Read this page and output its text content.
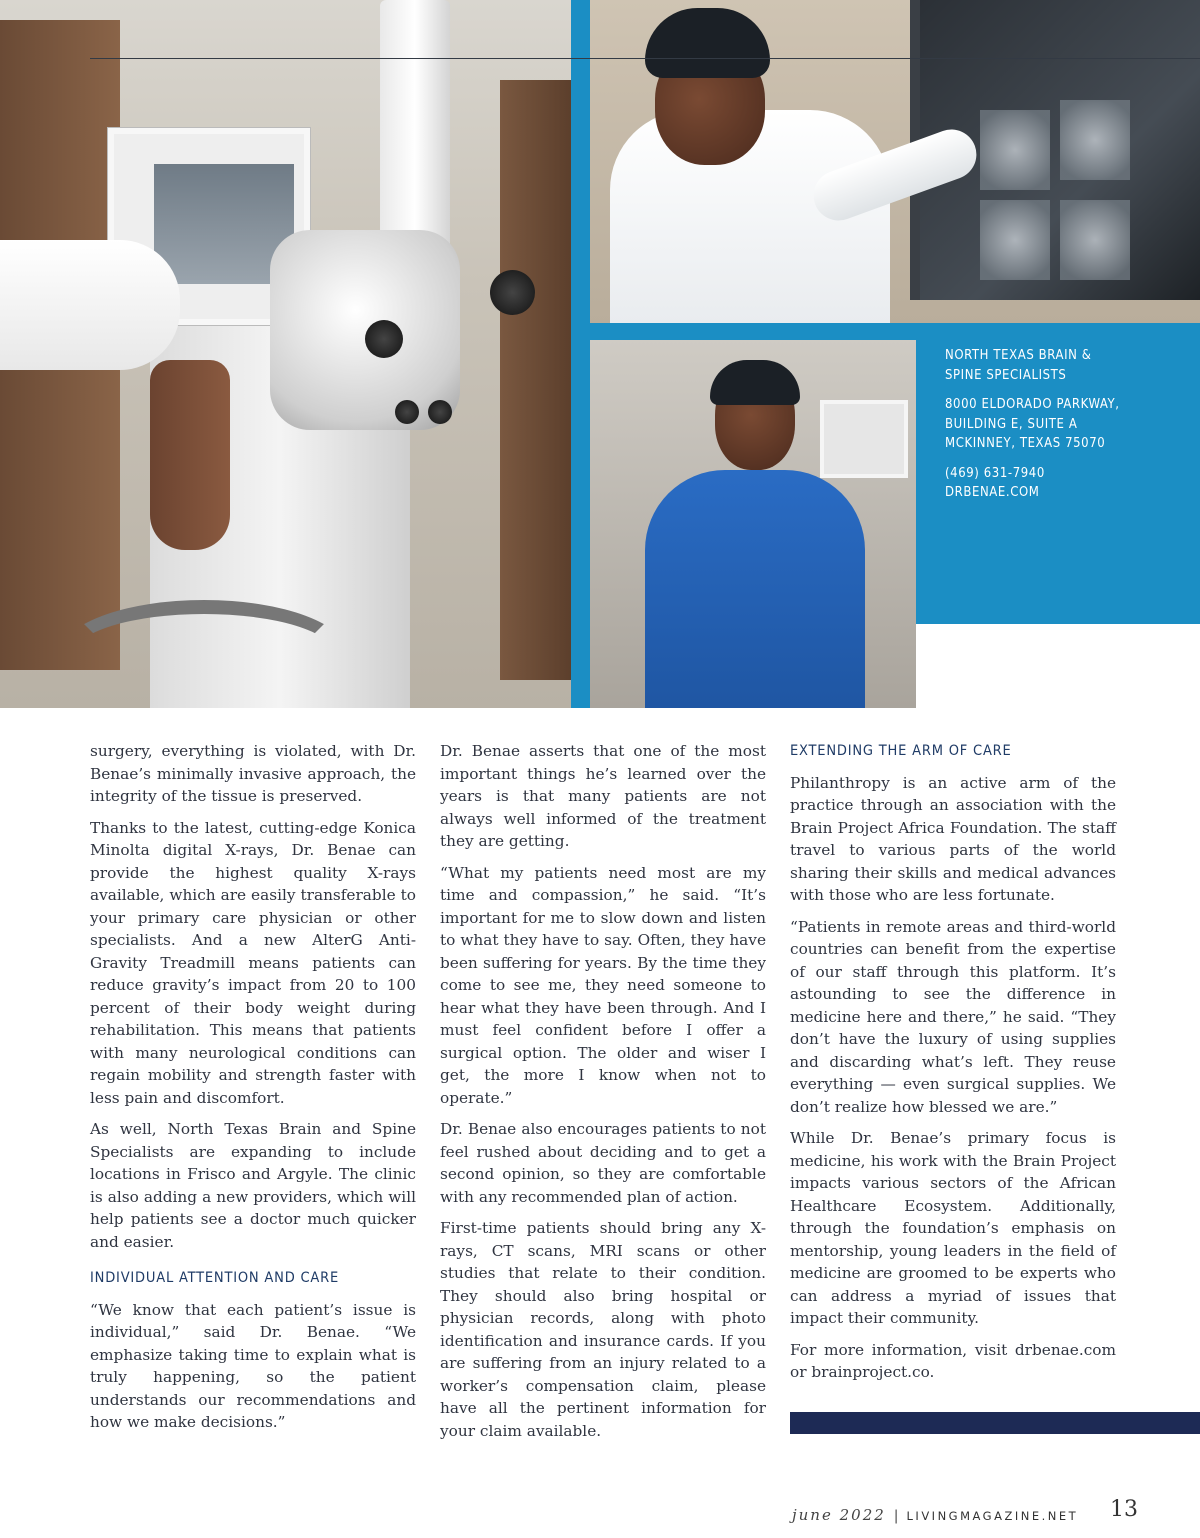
NORTH TEXAS BRAIN &
SPINE SPECIALISTS

8000 ELDORADO PARKWAY,
BUILDING E, SUITE A
MCKINNEY, TEXAS 75070

(469) 631-7940
DRBENAE.COM

surgery, everything is violated, with Dr. Benae’s minimally invasive approach, the integrity of the tissue is preserved.

Thanks to the latest, cutting-edge Konica Minolta digital X-rays, Dr. Benae can provide the highest quality X-rays available, which are easily transferable to your primary care physician or other specialists. And a new AlterG Anti-Gravity Treadmill means patients can reduce gravity’s impact from 20 to 100 percent of their body weight during rehabilitation. This means that patients with many neurological conditions can regain mobility and strength faster with less pain and discomfort.

As well, North Texas Brain and Spine Specialists are expanding to include locations in Frisco and Argyle. The clinic is also adding a new providers, which will help patients see a doctor much quicker and easier.

INDIVIDUAL ATTENTION AND CARE

“We know that each patient’s issue is individual,” said Dr. Benae. “We emphasize taking time to explain what is truly happening, so the patient understands our recommendations and how we make decisions.”

Dr. Benae asserts that one of the most important things he’s learned over the years is that many patients are not always well informed of the treatment they are getting.

“What my patients need most are my time and compassion,” he said. “It’s important for me to slow down and listen to what they have to say. Often, they have been suffering for years. By the time they come to see me, they need someone to hear what they have been through. And I must feel confident before I offer a surgical option. The older and wiser I get, the more I know when not to operate.”

Dr. Benae also encourages patients to not feel rushed about deciding and to get a second opinion, so they are comfortable with any recommended plan of action.

First-time patients should bring any X-rays, CT scans, MRI scans or other studies that relate to their condition. They should also bring hospital or physician records, along with photo identification and insurance cards. If you are suffering from an injury related to a worker’s compensation claim, please have all the pertinent information for your claim available.

EXTENDING THE ARM OF CARE

Philanthropy is an active arm of the practice through an association with the Brain Project Africa Foundation. The staff travel to various parts of the world sharing their skills and medical advances with those who are less fortunate.

“Patients in remote areas and third-world countries can benefit from the expertise of our staff through this platform. It’s astounding to see the difference in medicine here and there,” he said. “They don’t have the luxury of using supplies and discarding what’s left. They reuse everything — even surgical supplies. We don’t realize how blessed we are.”

While Dr. Benae’s primary focus is medicine, his work with the Brain Project impacts various sectors of the African Healthcare Ecosystem. Additionally, through the foundation’s emphasis on mentorship, young leaders in the field of medicine are groomed to be experts who can address a myriad of issues that impact their community.

For more information, visit drbenae.com or brainproject.co.

june 2022 | LIVINGMAGAZINE.NET 13
